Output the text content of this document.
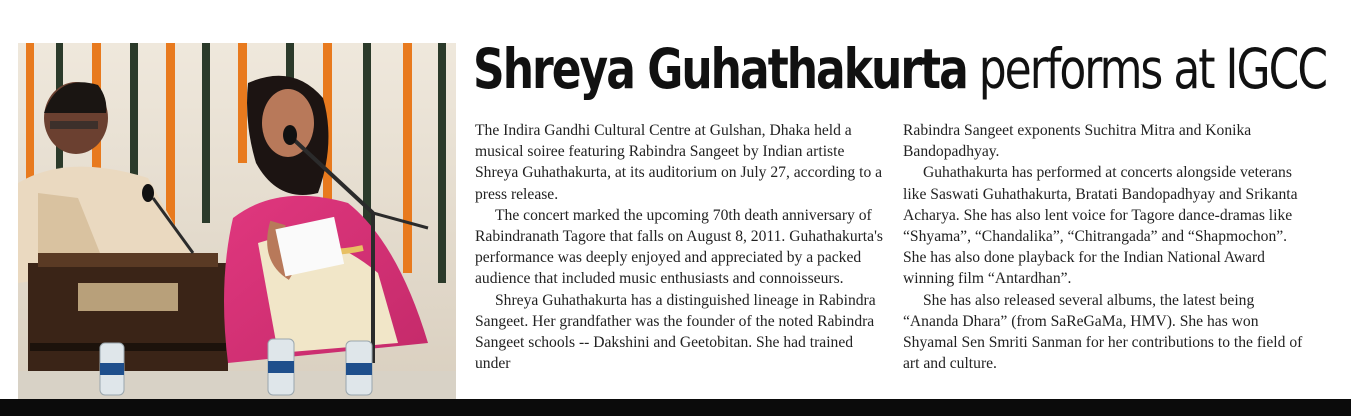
Shreya Guhathakurta performs at IGCC

The Indira Gandhi Cultural Centre at Gulshan, Dhaka held a musical soiree featuring Rabindra Sangeet by Indian artiste Shreya Guhathakurta, at its auditorium on July 27, according to a press release.

The concert marked the upcoming 70th death anniversary of Rabindranath Tagore that falls on August 8, 2011. Guhathakurta's performance was deeply enjoyed and appreciated by a packed audience that included music enthusiasts and connoisseurs.

Shreya Guhathakurta has a distinguished lineage in Rabindra Sangeet. Her grandfather was the founder of the noted Rabindra Sangeet schools -- Dakshini and Geetobitan. She had trained under

Rabindra Sangeet exponents Suchitra Mitra and Konika Bandopadhyay.

Guhathakurta has performed at concerts alongside veterans like Saswati Guhathakurta, Bratati Bandopadhyay and Srikanta Acharya. She has also lent voice for Tagore dance-dramas like “Shyama”, “Chandalika”, “Chitrangada” and “Shapmochon”. She has also done playback for the Indian National Award winning film “Antardhan”.

She has also released several albums, the latest being “Ananda Dhara” (from SaReGaMa, HMV). She has won Shyamal Sen Smriti Sanman for her contributions to the field of art and culture.
